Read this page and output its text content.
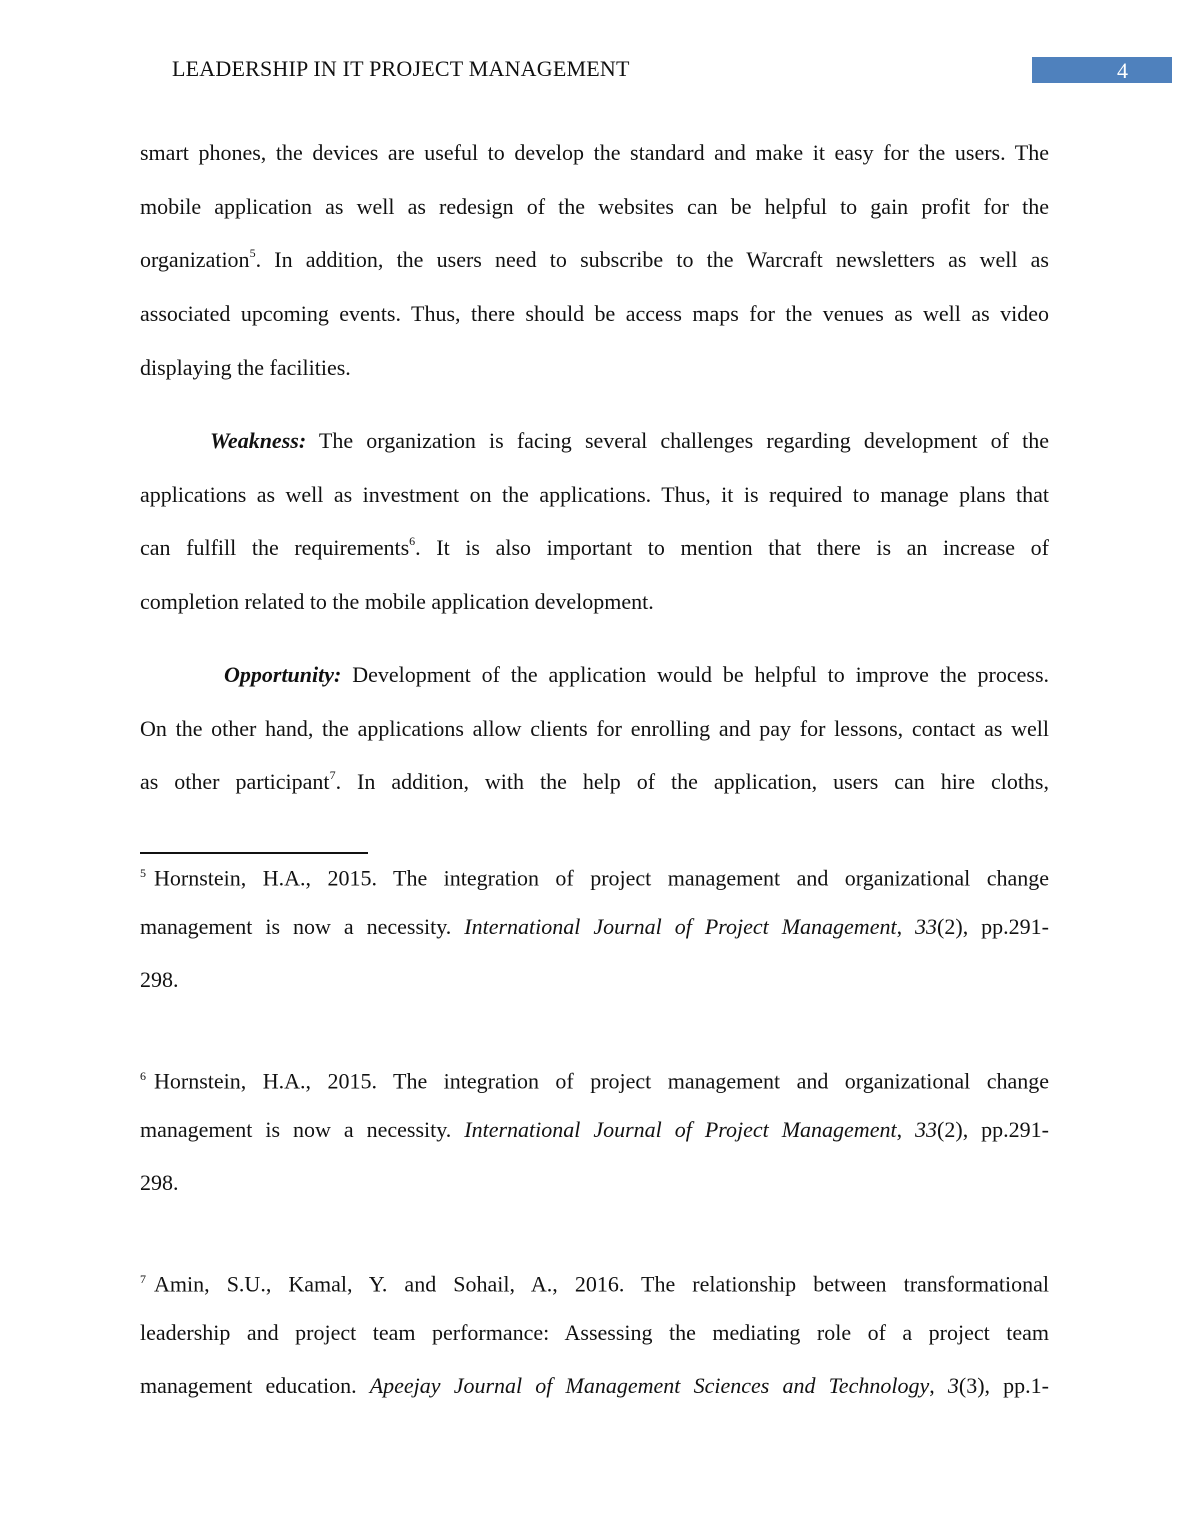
LEADERSHIP IN IT PROJECT MANAGEMENT	4
smart phones, the devices are useful to develop the standard and make it easy for the users. The
mobile application as well as redesign of the websites can be helpful to gain profit for the
organization$^5$. In addition, the users need to subscribe to the Warcraft newsletters as well as
associated upcoming events. Thus, there should be access maps for the venues as well as video
displaying the facilities.
Weakness: The organization is facing several challenges regarding development of the
applications as well as investment on the applications. Thus, it is required to manage plans that
can fulfill the requirements$^6$. It is also important to mention that there is an increase of
completion related to the mobile application development.
Opportunity: Development of the application would be helpful to improve the process.
On the other hand, the applications allow clients for enrolling and pay for lessons, contact as well
as other participant$^7$. In addition, with the help of the application, users can hire cloths,
$^5$ Hornstein, H.A., 2015. The integration of project management and organizational change
management is now a necessity. International Journal of Project Management, 33(2), pp.291-
298.
$^6$ Hornstein, H.A., 2015. The integration of project management and organizational change
management is now a necessity. International Journal of Project Management, 33(2), pp.291-
298.
$^7$ Amin, S.U., Kamal, Y. and Sohail, A., 2016. The relationship between transformational
leadership and project team performance: Assessing the mediating role of a project team
management education. Apeejay Journal of Management Sciences and Technology, 3(3), pp.1-
